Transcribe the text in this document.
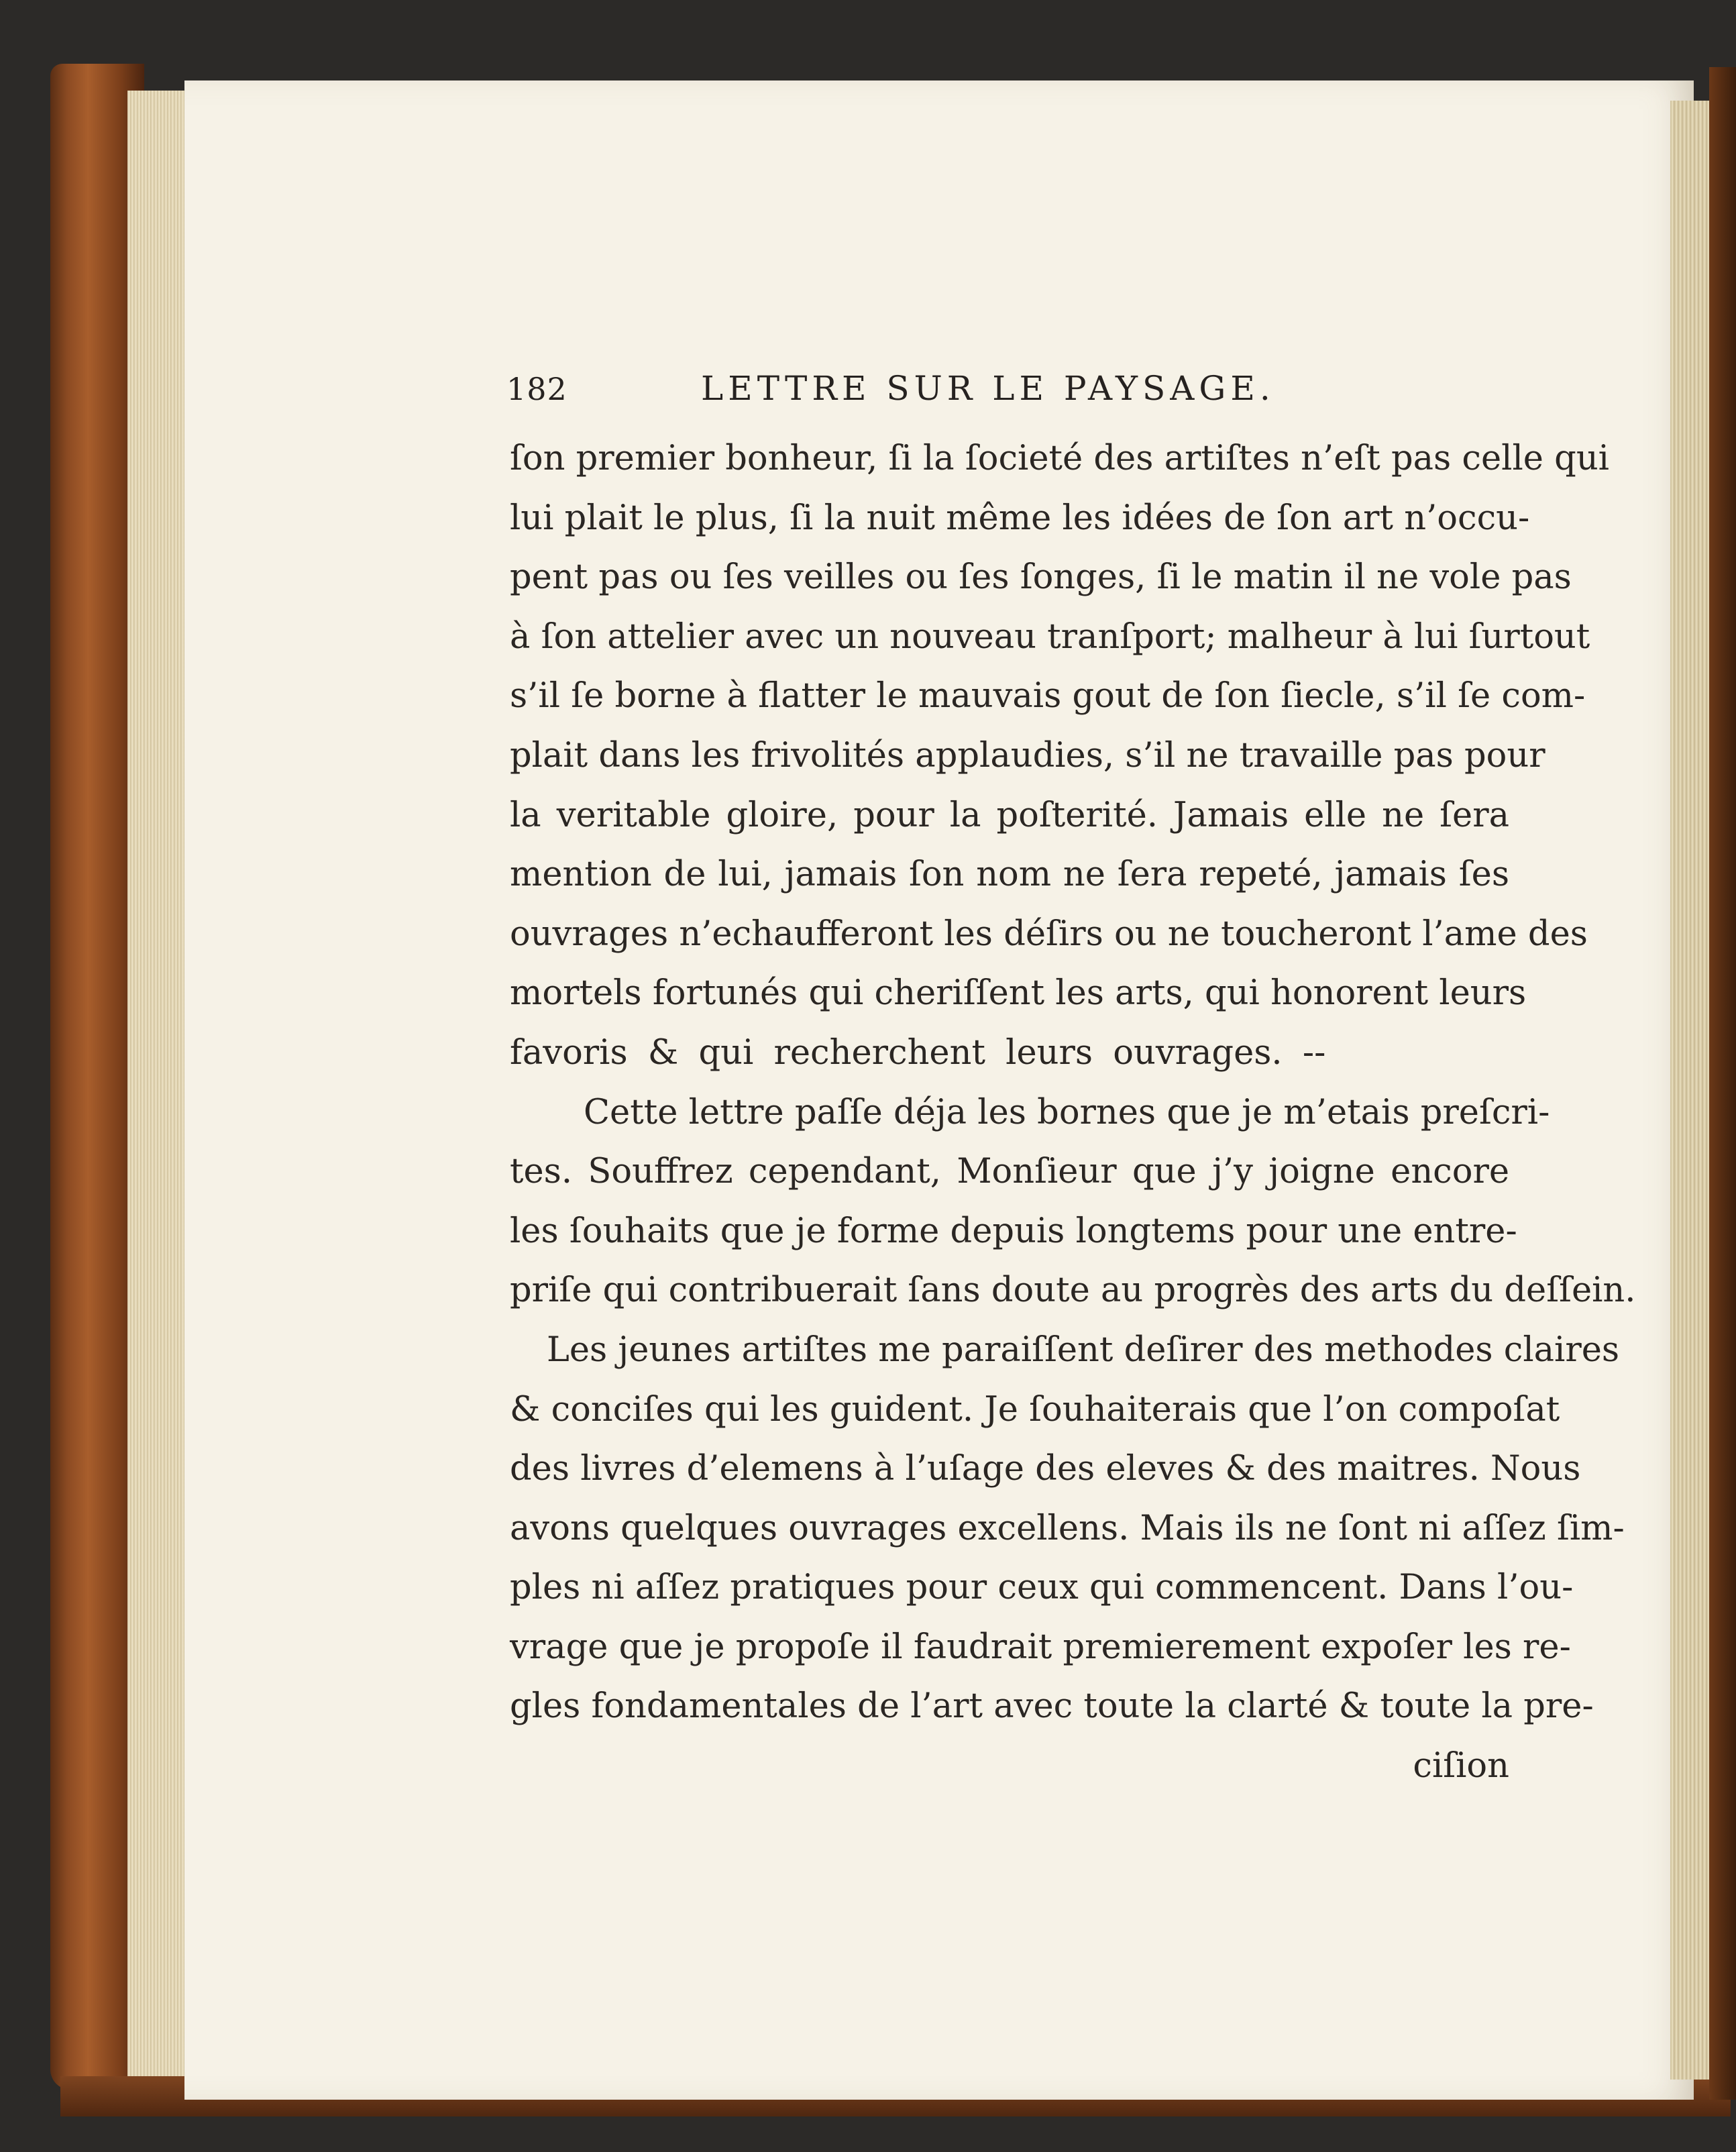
182	LETTRE SUR LE PAYSAGE.
ſon premier bonheur, ſi la ſocieté des artiſtes n’eſt pas celle qui
lui plait le plus, ſi la nuit même les idées de ſon art n’occu-
pent pas ou ſes veilles ou ſes ſonges, ſi le matin il ne vole pas
à ſon attelier avec un nouveau tranſport; malheur à lui ſurtout
s’il ſe borne à flatter le mauvais gout de ſon ſiecle, s’il ſe com-
plait dans les frivolités applaudies, s’il ne travaille pas pour
la veritable gloire, pour la poſterité. Jamais elle ne ſera
mention de lui, jamais ſon nom ne ſera repeté, jamais ſes
ouvrages n’echaufferont les déſirs ou ne toucheront l’ame des
mortels fortunés qui cheriſſent les arts, qui honorent leurs
favoris & qui recherchent leurs ouvrages. --
Cette lettre paſſe déja les bornes que je m’etais preſcri-
tes. Souffrez cependant, Monſieur que j’y joigne encore
les ſouhaits que je forme depuis longtems pour une entre-
priſe qui contribuerait ſans doute au progrès des arts du deſſein.
Les jeunes artiſtes me paraiſſent deſirer des methodes claires
& conciſes qui les guident. Je ſouhaiterais que l’on compoſat
des livres d’elemens à l’uſage des eleves & des maitres. Nous
avons quelques ouvrages excellens. Mais ils ne ſont ni aſſez ſim-
ples ni aſſez pratiques pour ceux qui commencent. Dans l’ou-
vrage que je propoſe il faudrait premierement expoſer les re-
gles fondamentales de l’art avec toute la clarté & toute la pre-
ciſion
